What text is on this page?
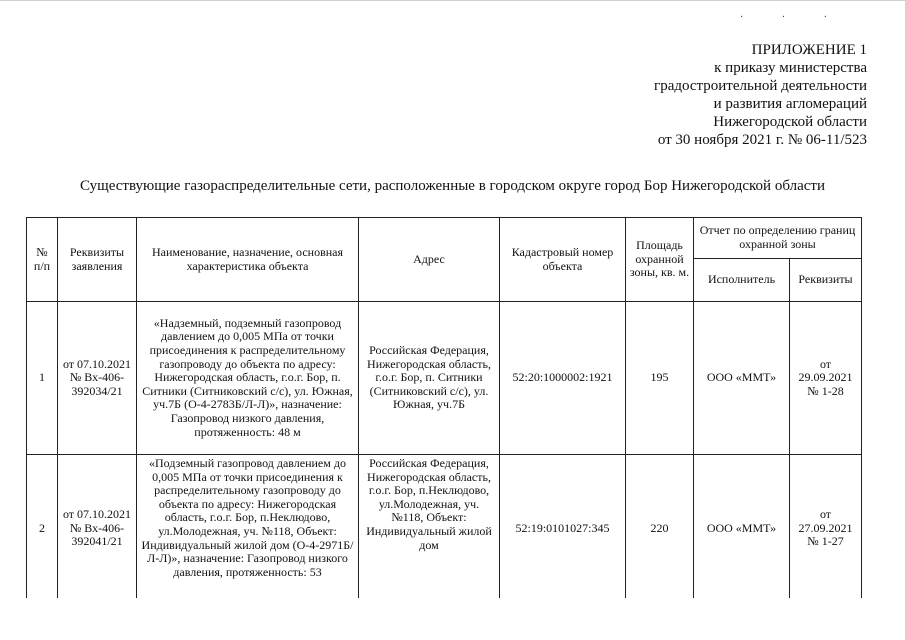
· · ·
ПРИЛОЖЕНИЕ 1
к приказу министерства
градостроительной деятельности
и развития агломераций
Нижегородской области
от 30 ноября 2021 г. № 06-11/523
Существующие газораспределительные сети, расположенные в городском округе город Бор Нижегородской области
№ п/п	Реквизиты заявления	Наименование, назначение, основная характеристика объекта	Адрес	Кадастровый номер объекта	Площадь охранной зоны, кв. м.	Отчет по определению границ охранной зоны	
						Исполнитель	Реквизиты
1	от 07.10.2021 № Вх-406-392034/21	«Надземный, подземный газопровод давлением до 0,005 МПа от точки присоединения к распределительному газопроводу до объекта по адресу: Нижегородская область, г.о.г. Бор, п. Ситники (Ситниковский с/с), ул. Южная, уч.7Б (О-4-2783Б/Л-Л)», назначение: Газопровод низкого давления, протяженность: 48 м	Российская Федерация, Нижегородская область, г.о.г. Бор, п. Ситники (Ситниковский с/с), ул. Южная, уч.7Б	52:20:1000002:1921	195	ООО «ММТ»	от 29.09.2021 № 1-28
2	от 07.10.2021 № Вх-406-392041/21	«Подземный газопровод давлением до 0,005 МПа от точки присоединения к распределительному газопроводу до объекта по адресу: Нижегородская область, г.о.г. Бор, п.Неклюдово, ул.Молодежная, уч. №118, Объект: Индивидуальный жилой дом (О-4-2971Б/Л-Л)», назначение: Газопровод низкого давления, протяженность: 53	Российская Федерация, Нижегородская область, г.о.г. Бор, п.Неклюдово, ул.Молодежная, уч. №118, Объект: Индивидуальный жилой дом	52:19:0101027:345	220	ООО «ММТ»	от 27.09.2021 № 1-27
